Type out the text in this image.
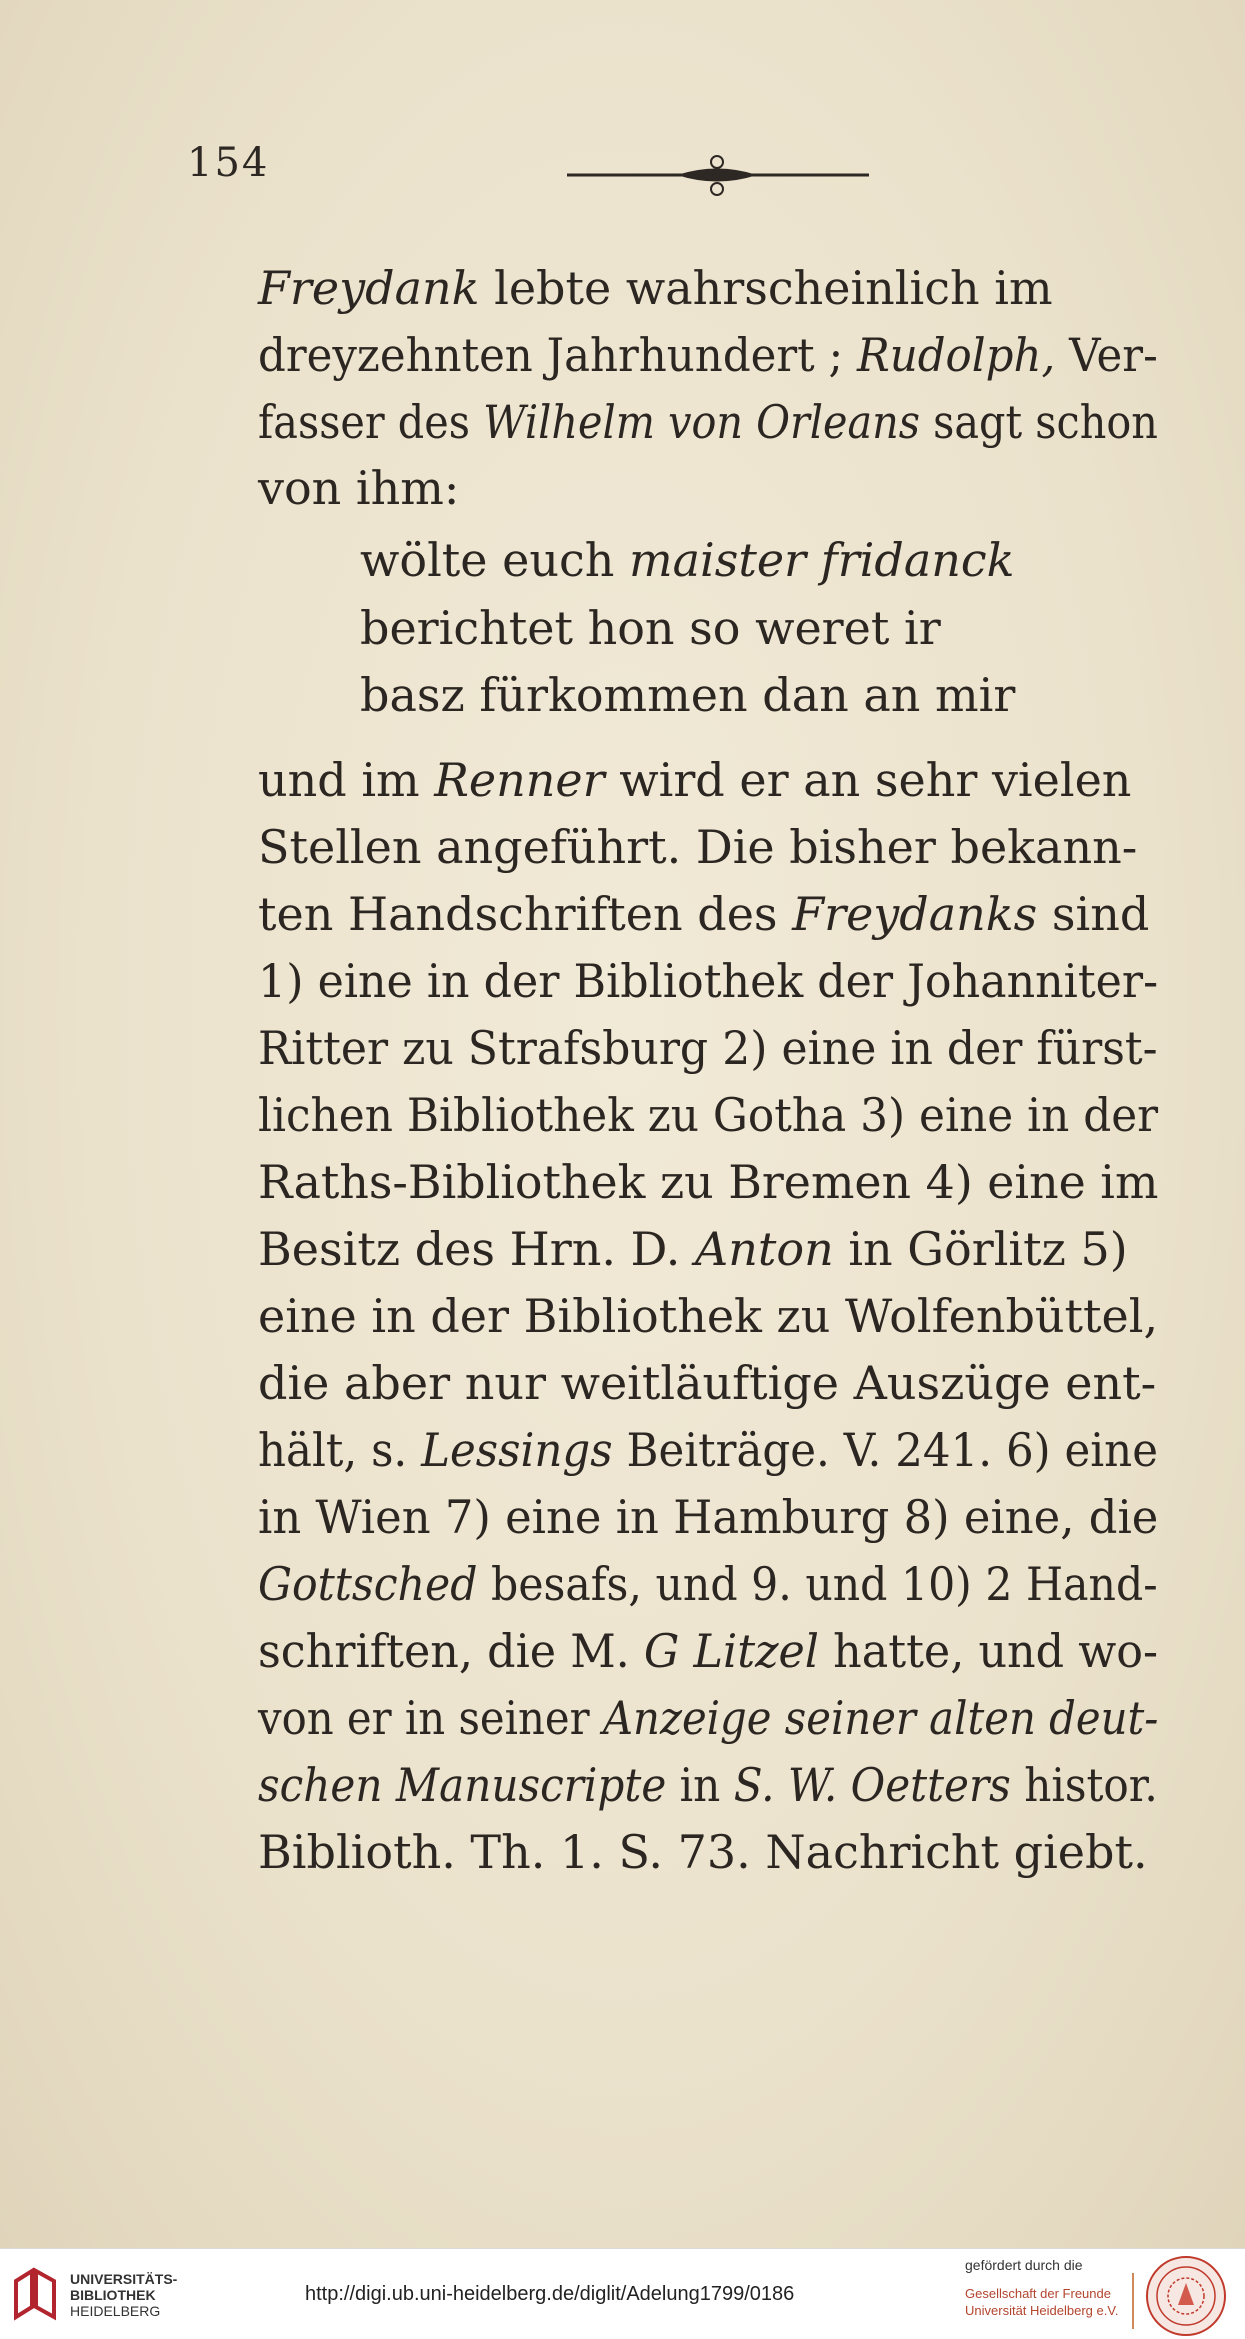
154
Freydank lebte wahrscheinlich im
dreyzehnten Jahrhundert ; Rudolph, Ver-
fasser des Wilhelm von Orleans sagt schon
von ihm:
wölte euch maister fridanck
berichtet hon so weret ir
basz fürkommen dan an mir
und im Renner wird er an sehr vielen
Stellen angeführt. Die bisher bekann-
ten Handschriften des Freydanks sind
1) eine in der Bibliothek der Johanniter-
Ritter zu Strafsburg 2) eine in der fürst-
lichen Bibliothek zu Gotha 3) eine in der
Raths-Bibliothek zu Bremen 4) eine im
Besitz des Hrn. D. Anton in Görlitz 5)
eine in der Bibliothek zu Wolfenbüttel,
die aber nur weitläuftige Auszüge ent-
hält, s. Lessings Beiträge. V. 241. 6) eine
in Wien 7) eine in Hamburg 8) eine, die
Gottsched besafs, und 9. und 10) 2 Hand-
schriften, die M. G Litzel hatte, und wo-
von er in seiner Anzeige seiner alten deut-
schen Manuscripte in S. W. Oetters histor.
Biblioth. Th. 1. S. 73. Nachricht giebt.
UNIVERSITÄTS-
BIBLIOTHEK
HEIDELBERG
http://digi.ub.uni-heidelberg.de/diglit/Adelung1799/0186
gefördert durch die
Gesellschaft der Freunde
Universität Heidelberg e.V.
